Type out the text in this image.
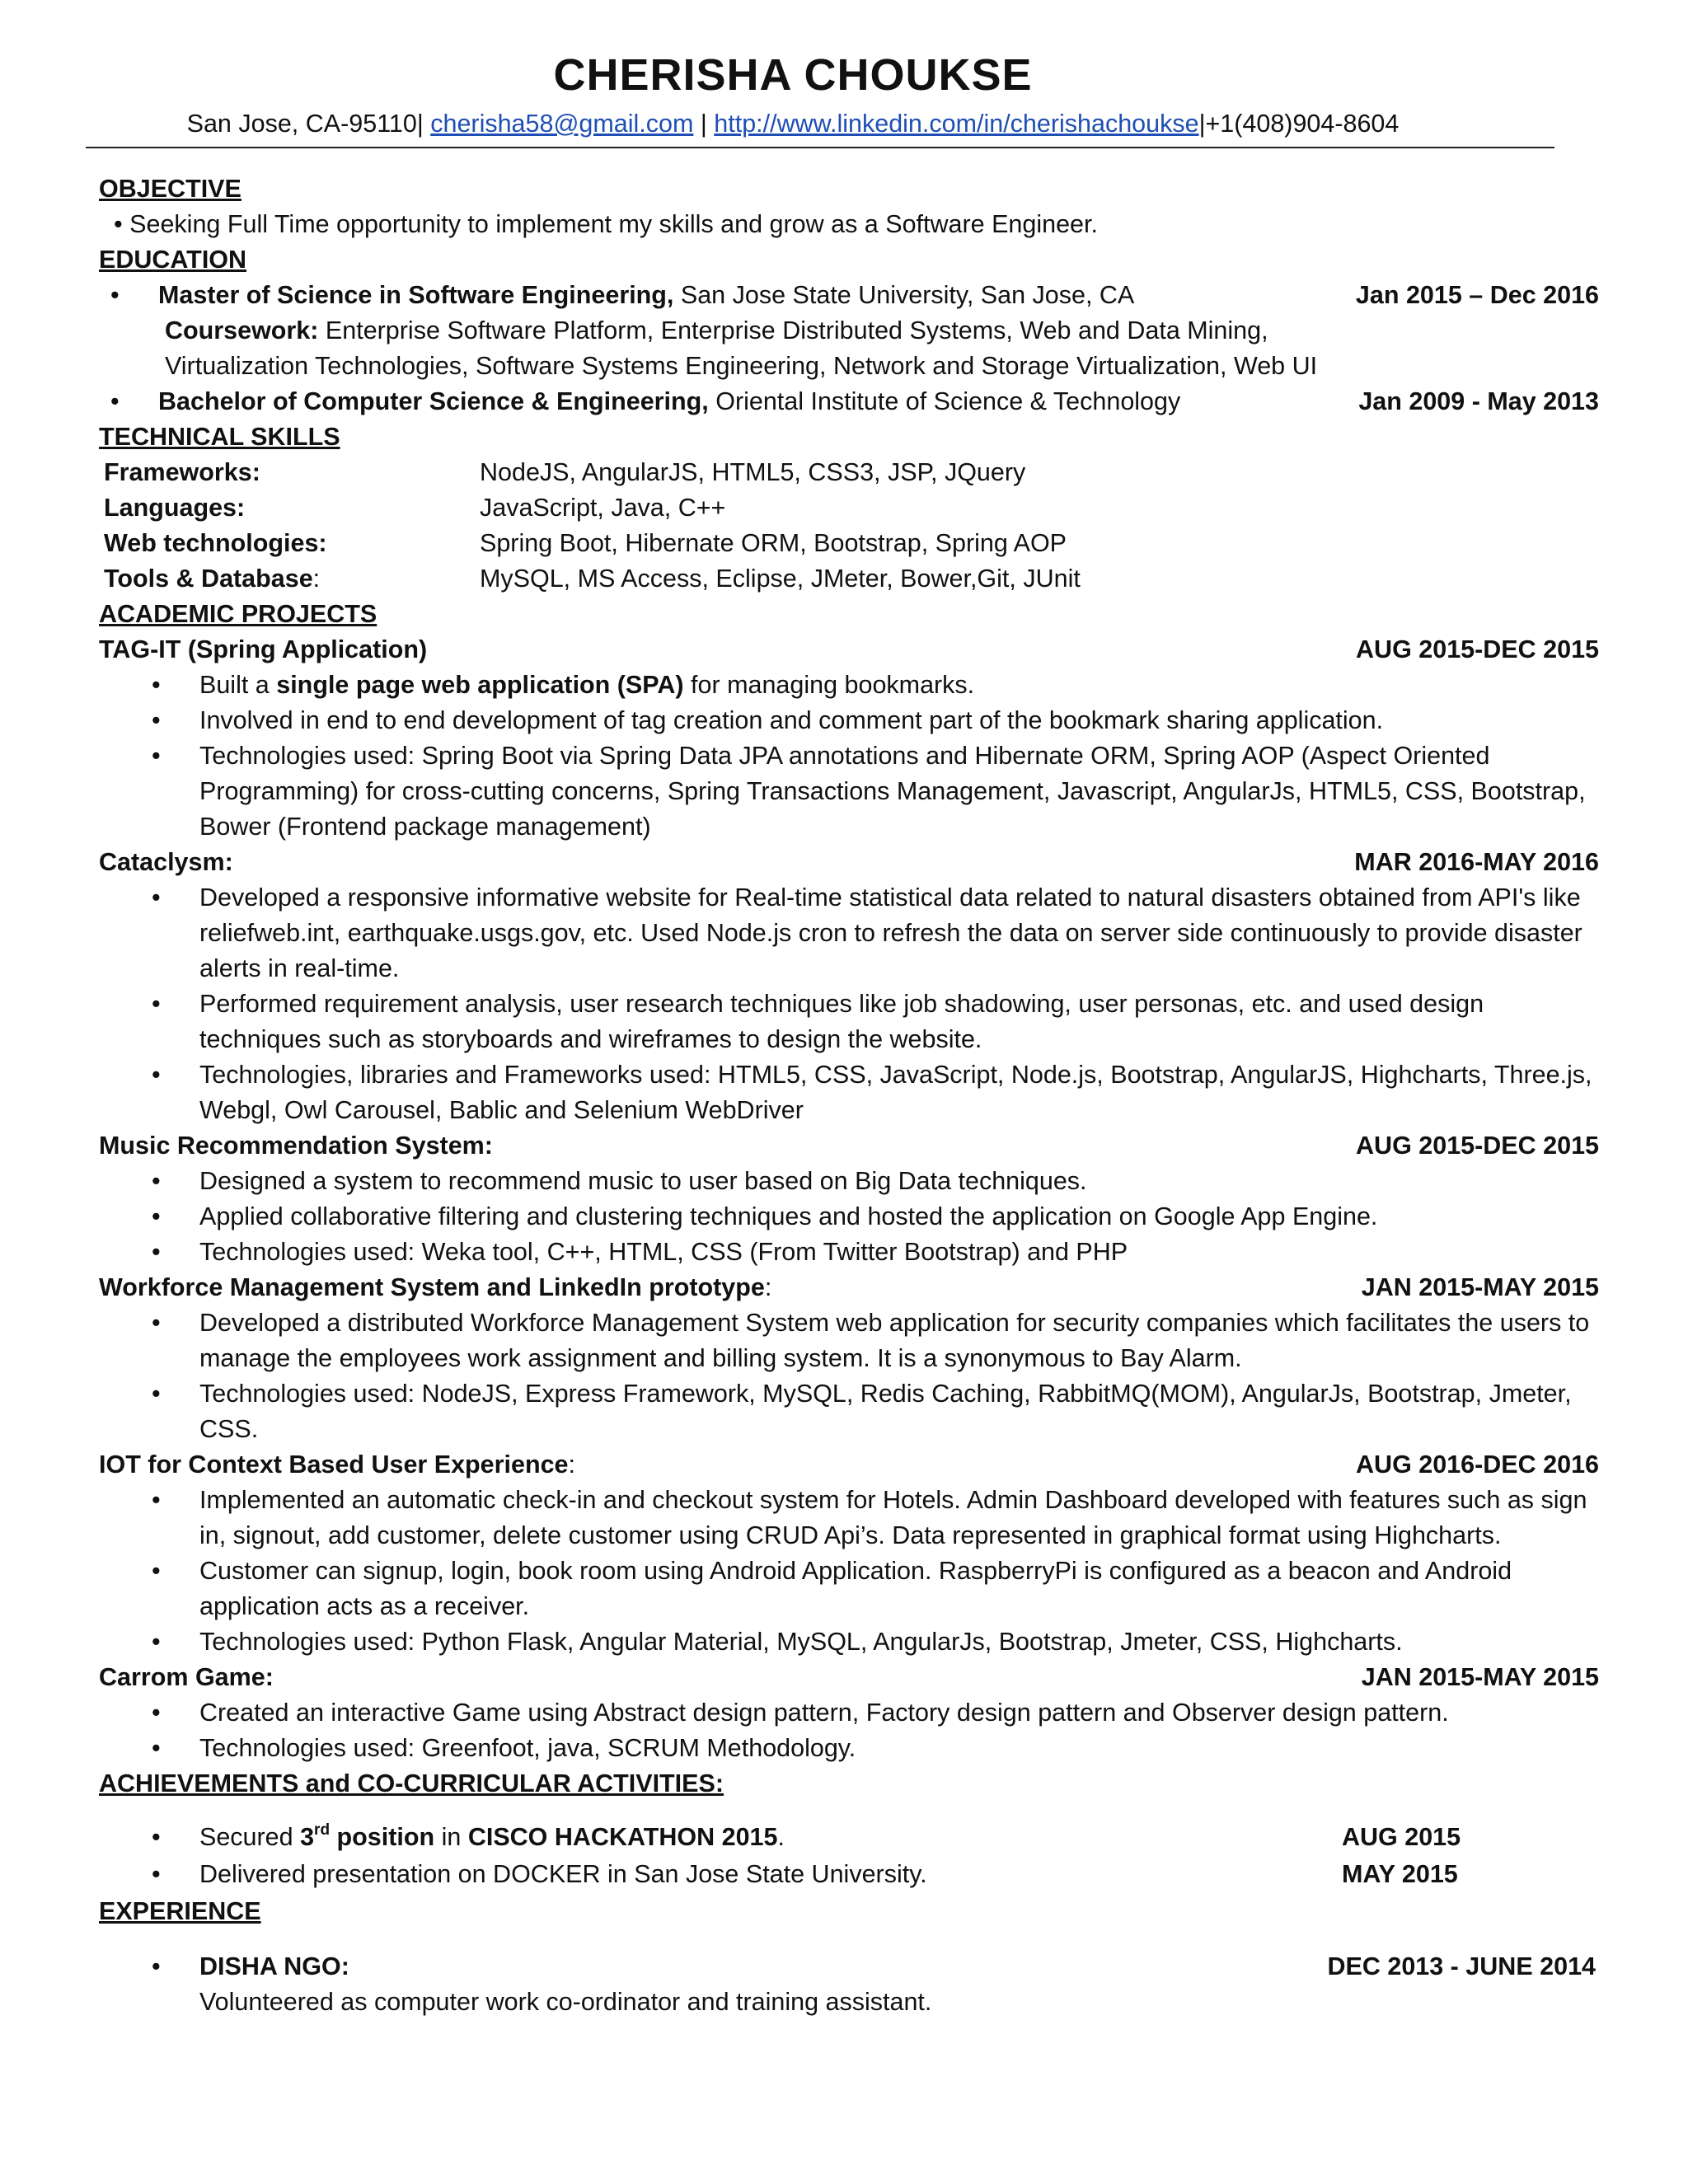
CHERISHA CHOUKSE
San Jose, CA-95110| cherisha58@gmail.com | http://www.linkedin.com/in/cherishachoukse|+1(408)904-8604
OBJECTIVE
• Seeking Full Time opportunity to implement my skills and grow as a Software Engineer.
EDUCATION
• Master of Science in Software Engineering, San Jose State University, San Jose, CA	Jan 2015 – Dec 2016
Coursework: Enterprise Software Platform, Enterprise Distributed Systems, Web and Data Mining,
Virtualization Technologies, Software Systems Engineering, Network and Storage Virtualization, Web UI
• Bachelor of Computer Science & Engineering, Oriental Institute of Science & Technology	Jan 2009 - May 2013
TECHNICAL SKILLS
Frameworks:	NodeJS, AngularJS, HTML5, CSS3, JSP, JQuery
Languages:	JavaScript, Java, C++
Web technologies:	Spring Boot, Hibernate ORM, Bootstrap, Spring AOP
Tools & Database:	MySQL, MS Access, Eclipse, JMeter, Bower,Git, JUnit
ACADEMIC PROJECTS
TAG-IT (Spring Application)	AUG 2015-DEC 2015
• Built a single page web application (SPA) for managing bookmarks.
• Involved in end to end development of tag creation and comment part of the bookmark sharing application.
• Technologies used: Spring Boot via Spring Data JPA annotations and Hibernate ORM, Spring AOP (Aspect Oriented Programming) for cross-cutting concerns, Spring Transactions Management, Javascript, AngularJs, HTML5, CSS, Bootstrap, Bower (Frontend package management)
Cataclysm:	MAR 2016-MAY 2016
• Developed a responsive informative website for Real-time statistical data related to natural disasters obtained from API's like reliefweb.int, earthquake.usgs.gov, etc. Used Node.js cron to refresh the data on server side continuously to provide disaster alerts in real-time.
• Performed requirement analysis, user research techniques like job shadowing, user personas, etc. and used design techniques such as storyboards and wireframes to design the website.
• Technologies, libraries and Frameworks used: HTML5, CSS, JavaScript, Node.js, Bootstrap, AngularJS, Highcharts, Three.js, Webgl, Owl Carousel, Bablic and Selenium WebDriver
Music Recommendation System:	AUG 2015-DEC 2015
• Designed a system to recommend music to user based on Big Data techniques.
• Applied collaborative filtering and clustering techniques and hosted the application on Google App Engine.
• Technologies used: Weka tool, C++, HTML, CSS (From Twitter Bootstrap) and PHP
Workforce Management System and LinkedIn prototype:	JAN 2015-MAY 2015
• Developed a distributed Workforce Management System web application for security companies which facilitates the users to manage the employees work assignment and billing system. It is a synonymous to Bay Alarm.
• Technologies used: NodeJS, Express Framework, MySQL, Redis Caching, RabbitMQ(MOM), AngularJs, Bootstrap, Jmeter, CSS.
IOT for Context Based User Experience:	AUG 2016-DEC 2016
• Implemented an automatic check-in and checkout system for Hotels. Admin Dashboard developed with features such as sign in, signout, add customer, delete customer using CRUD Api’s. Data represented in graphical format using Highcharts.
• Customer can signup, login, book room using Android Application. RaspberryPi is configured as a beacon and Android application acts as a receiver.
• Technologies used: Python Flask, Angular Material, MySQL, AngularJs, Bootstrap, Jmeter, CSS, Highcharts.
Carrom Game:	JAN 2015-MAY 2015
• Created an interactive Game using Abstract design pattern, Factory design pattern and Observer design pattern.
• Technologies used: Greenfoot, java, SCRUM Methodology.
ACHIEVEMENTS and CO-CURRICULAR ACTIVITIES:
• Secured 3rd position in CISCO HACKATHON 2015.	AUG 2015
• Delivered presentation on DOCKER in San Jose State University.	MAY 2015
EXPERIENCE
• DISHA NGO:	DEC 2013 - JUNE 2014
Volunteered as computer work co-ordinator and training assistant.
